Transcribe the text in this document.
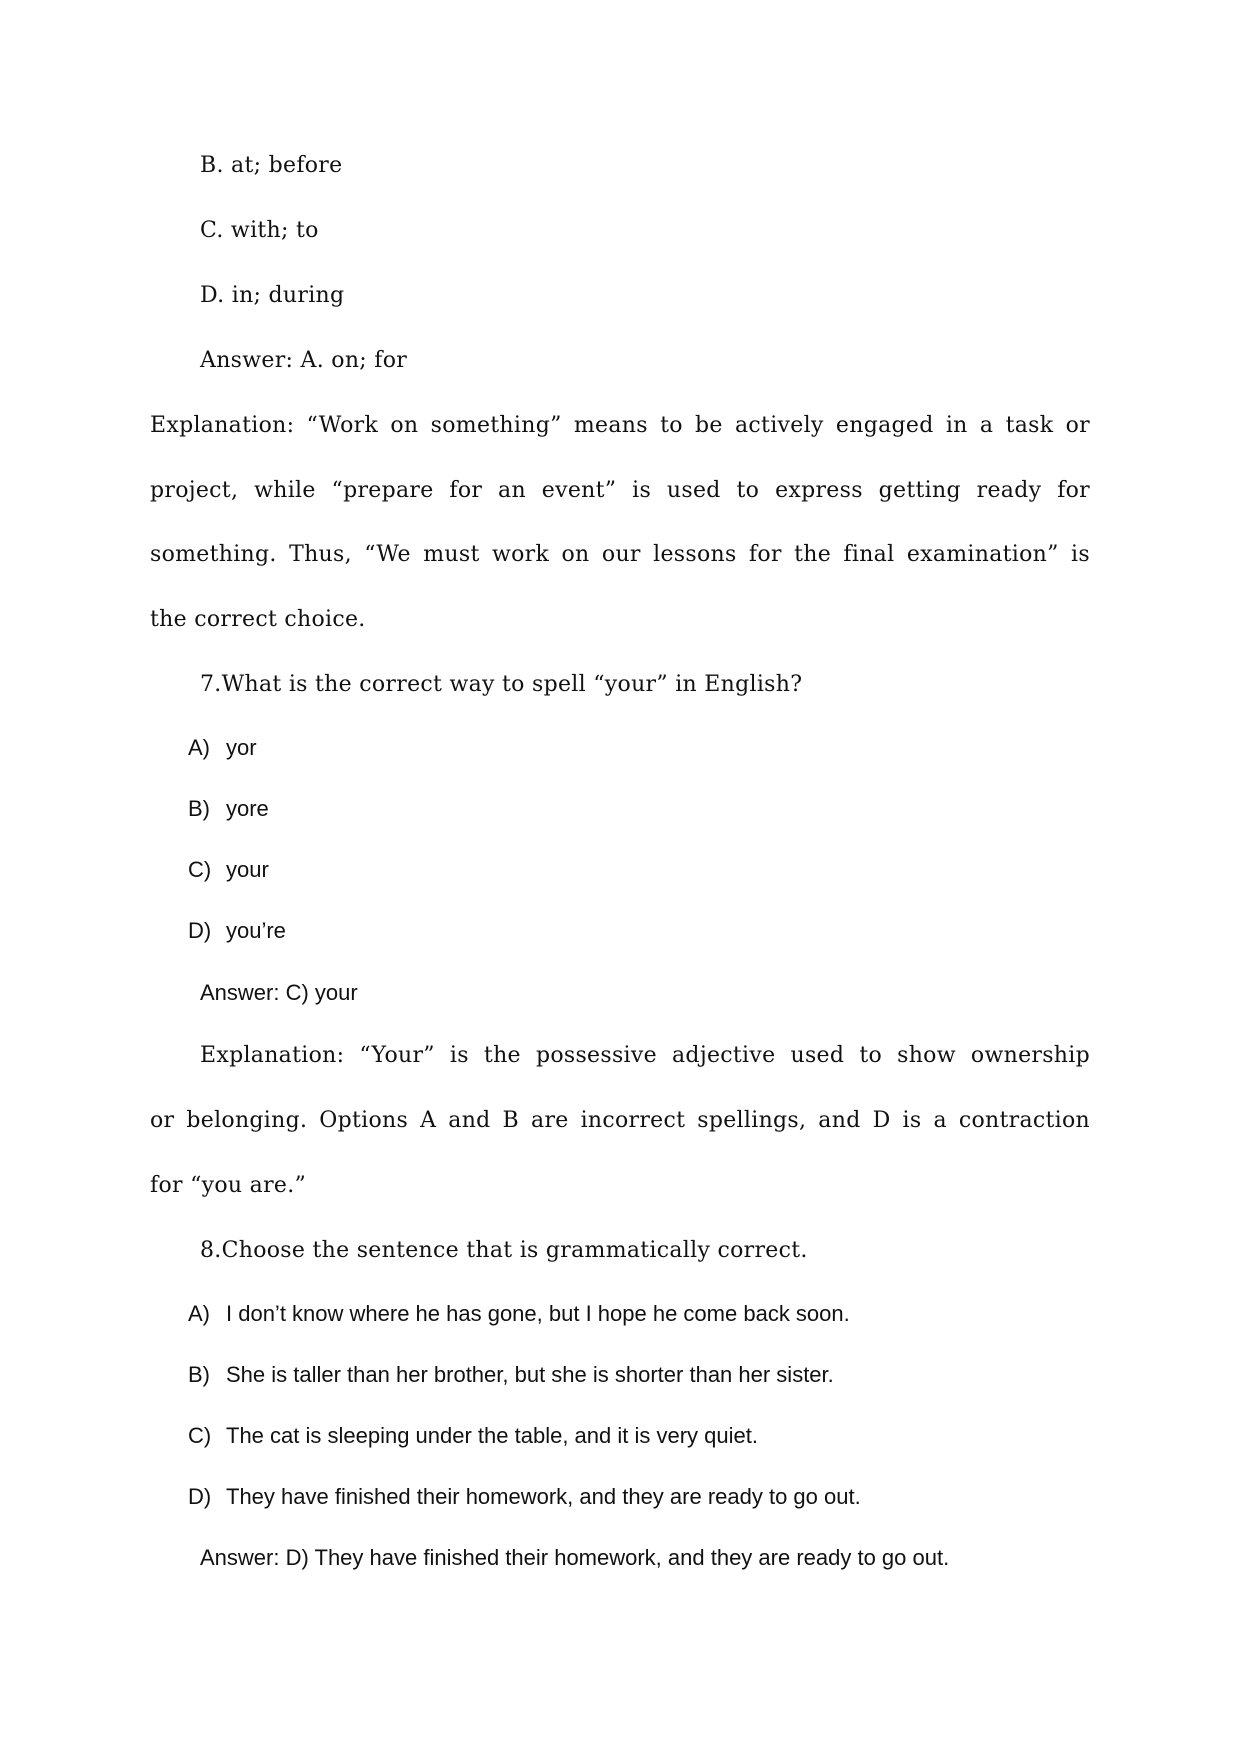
B. at; before
C. with; to
D. in; during
Answer: A. on; for
Explanation: “Work on something” means to be actively engaged in a task or
project, while “prepare for an event” is used to express getting ready for
something. Thus, “We must work on our lessons for the final examination” is
the correct choice.
7.What is the correct way to spell “your” in English?
A) yor
B) yore
C) your
D) you’re
Answer: C) your
Explanation: “Your” is the possessive adjective used to show ownership
or belonging. Options A and B are incorrect spellings, and D is a contraction
for “you are.”
8.Choose the sentence that is grammatically correct.
A) I don’t know where he has gone, but I hope he come back soon.
B) She is taller than her brother, but she is shorter than her sister.
C) The cat is sleeping under the table, and it is very quiet.
D) They have finished their homework, and they are ready to go out.
Answer: D) They have finished their homework, and they are ready to go out.
